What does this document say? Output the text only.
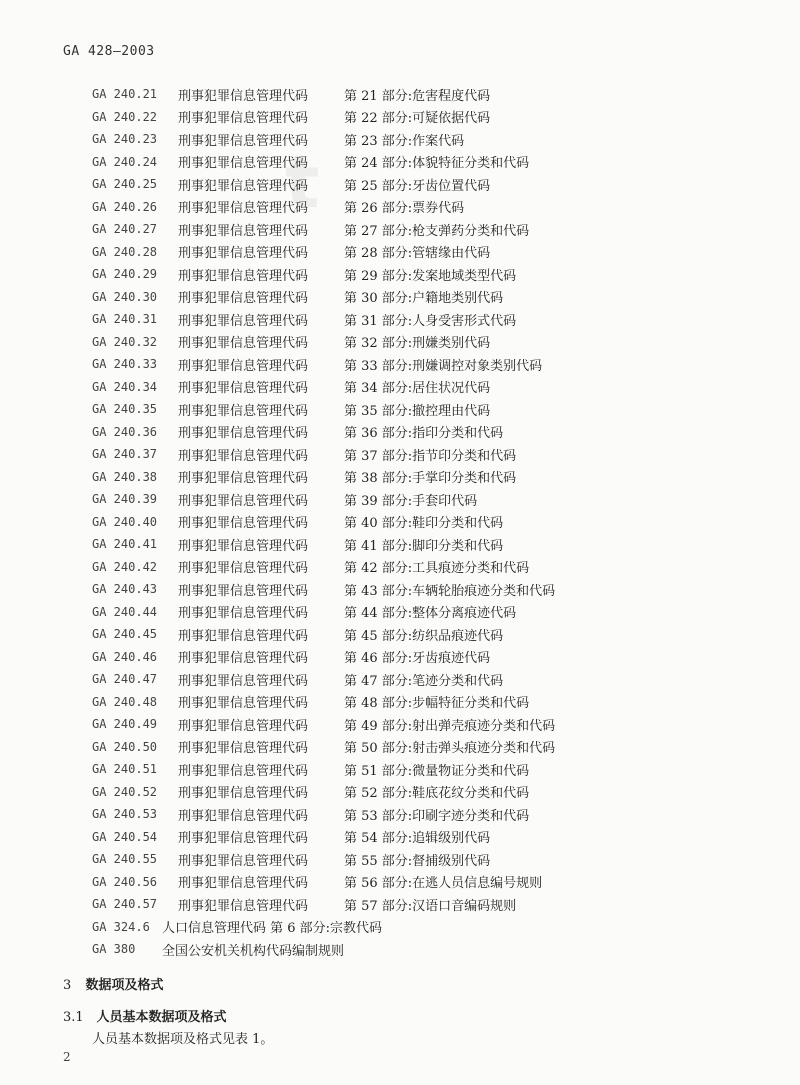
GA 428—2003
t
GA 240.21	刑事犯罪信息管理代码	第 21 部分:危害程度代码
GA 240.22	刑事犯罪信息管理代码	第 22 部分:可疑依据代码
GA 240.23	刑事犯罪信息管理代码	第 23 部分:作案代码
GA 240.24	刑事犯罪信息管理代码	第 24 部分:体貌特征分类和代码
GA 240.25	刑事犯罪信息管理代码	第 25 部分:牙齿位置代码
GA 240.26	刑事犯罪信息管理代码	第 26 部分:票券代码
GA 240.27	刑事犯罪信息管理代码	第 27 部分:枪支弹药分类和代码
GA 240.28	刑事犯罪信息管理代码	第 28 部分:管辖缘由代码
GA 240.29	刑事犯罪信息管理代码	第 29 部分:发案地域类型代码
GA 240.30	刑事犯罪信息管理代码	第 30 部分:户籍地类别代码
GA 240.31	刑事犯罪信息管理代码	第 31 部分:人身受害形式代码
GA 240.32	刑事犯罪信息管理代码	第 32 部分:刑嫌类别代码
GA 240.33	刑事犯罪信息管理代码	第 33 部分:刑嫌调控对象类别代码
GA 240.34	刑事犯罪信息管理代码	第 34 部分:居住状况代码
GA 240.35	刑事犯罪信息管理代码	第 35 部分:撤控理由代码
GA 240.36	刑事犯罪信息管理代码	第 36 部分:指印分类和代码
GA 240.37	刑事犯罪信息管理代码	第 37 部分:指节印分类和代码
GA 240.38	刑事犯罪信息管理代码	第 38 部分:手掌印分类和代码
GA 240.39	刑事犯罪信息管理代码	第 39 部分:手套印代码
GA 240.40	刑事犯罪信息管理代码	第 40 部分:鞋印分类和代码
GA 240.41	刑事犯罪信息管理代码	第 41 部分:脚印分类和代码
GA 240.42	刑事犯罪信息管理代码	第 42 部分:工具痕迹分类和代码
GA 240.43	刑事犯罪信息管理代码	第 43 部分:车辆轮胎痕迹分类和代码
GA 240.44	刑事犯罪信息管理代码	第 44 部分:整体分离痕迹代码
GA 240.45	刑事犯罪信息管理代码	第 45 部分:纺织品痕迹代码
GA 240.46	刑事犯罪信息管理代码	第 46 部分:牙齿痕迹代码
GA 240.47	刑事犯罪信息管理代码	第 47 部分:笔迹分类和代码
GA 240.48	刑事犯罪信息管理代码	第 48 部分:步幅特征分类和代码
GA 240.49	刑事犯罪信息管理代码	第 49 部分:射出弹壳痕迹分类和代码
GA 240.50	刑事犯罪信息管理代码	第 50 部分:射击弹头痕迹分类和代码
GA 240.51	刑事犯罪信息管理代码	第 51 部分:微量物证分类和代码
GA 240.52	刑事犯罪信息管理代码	第 52 部分:鞋底花纹分类和代码
GA 240.53	刑事犯罪信息管理代码	第 53 部分:印刷字迹分类和代码
GA 240.54	刑事犯罪信息管理代码	第 54 部分:追辑级别代码
GA 240.55	刑事犯罪信息管理代码	第 55 部分:督捕级别代码
GA 240.56	刑事犯罪信息管理代码	第 56 部分:在逃人员信息编号规则
GA 240.57	刑事犯罪信息管理代码	第 57 部分:汉语口音编码规则
GA 324.6 人口信息管理代码 第 6 部分:宗教代码
GA 380	全国公安机关机构代码编制规则
3 数据项及格式
3.1 人员基本数据项及格式
人员基本数据项及格式见表 1。
2
